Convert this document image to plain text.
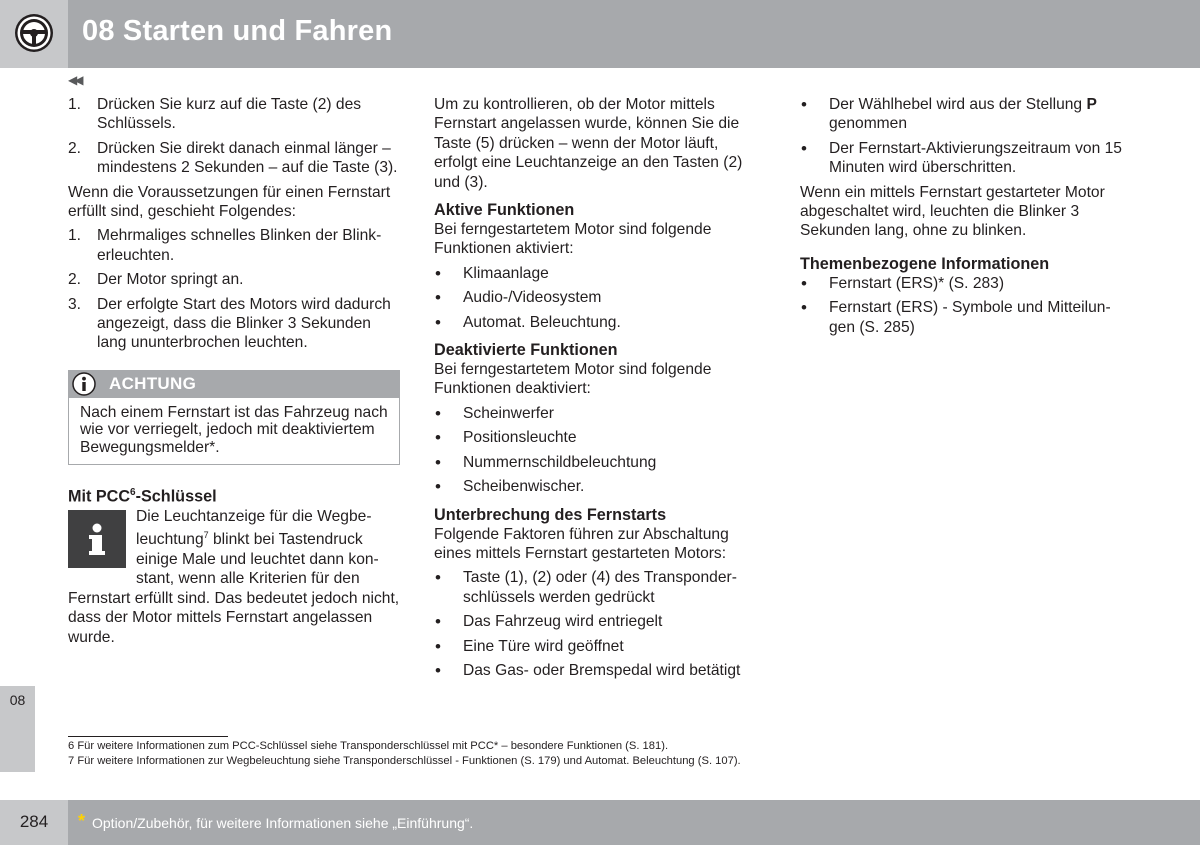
08 Starten und Fahren
◀◀
1. Drücken Sie kurz auf die Taste (2) des Schlüssels.
2. Drücken Sie direkt danach einmal länger – mindestens 2 Sekunden – auf die Taste (3).

Wenn die Voraussetzungen für einen Fernstart erfüllt sind, geschieht Folgendes:

1. Mehrmaliges schnelles Blinken der Blinkerleuchten.
2. Der Motor springt an.
3. Der erfolgte Start des Motors wird dadurch angezeigt, dass die Blinker 3 Sekunden lang ununterbrochen leuchten.
ACHTUNG
Nach einem Fernstart ist das Fahrzeug nach wie vor verriegelt, jedoch mit deaktiviertem Bewegungsmelder*.
Mit PCC$^6$-Schlüssel
Die Leuchtanzeige für die Wegbeleuchtung$^7$ blinkt bei Tastendruck einige Male und leuchtet dann konstant, wenn alle Kriterien für den Fernstart erfüllt sind. Das bedeutet jedoch nicht, dass der Motor mittels Fernstart angelassen wurde.

Um zu kontrollieren, ob der Motor mittels Fernstart angelassen wurde, können Sie die Taste (5) drücken – wenn der Motor läuft, erfolgt eine Leuchtanzeige an den Tasten (2) und (3).

Aktive Funktionen

Bei ferngestartetem Motor sind folgende Funktionen aktiviert:

• Klimaanlage
• Audio-/Videosystem
• Automat. Beleuchtung.
Deaktivierte Funktionen

Bei ferngestartetem Motor sind folgende Funktionen deaktiviert:

• Scheinwerfer
• Positionsleuchte
• Nummernschildbeleuchtung
• Scheibenwischer.
Unterbrechung des Fernstarts

Folgende Faktoren führen zur Abschaltung eines mittels Fernstart gestarteten Motors:

• Taste (1), (2) oder (4) des Transponderschlüssels werden gedrückt
• Das Fahrzeug wird entriegelt
• Eine Türe wird geöffnet
• Das Gas- oder Bremspedal wird betätigt
• Der Wählhebel wird aus der Stellung P genommen
• Der Fernstart-Aktivierungszeitraum von 15 Minuten wird überschritten.

Wenn ein mittels Fernstart gestarteter Motor abgeschaltet wird, leuchten die Blinker 3 Sekunden lang, ohne zu blinken.

Themenbezogene Informationen
• Fernstart (ERS)* (S. 283)
• Fernstart (ERS) - Symbole und Mitteilungen (S. 285)
6 Für weitere Informationen zum PCC-Schlüssel siehe Transponderschlüssel mit PCC* – besondere Funktionen (S. 181).
7 Für weitere Informationen zur Wegbeleuchtung siehe Transponderschlüssel - Funktionen (S. 179) und Automat. Beleuchtung (S. 107).
08
284	* Option/Zubehör, für weitere Informationen siehe „Einführung“.
